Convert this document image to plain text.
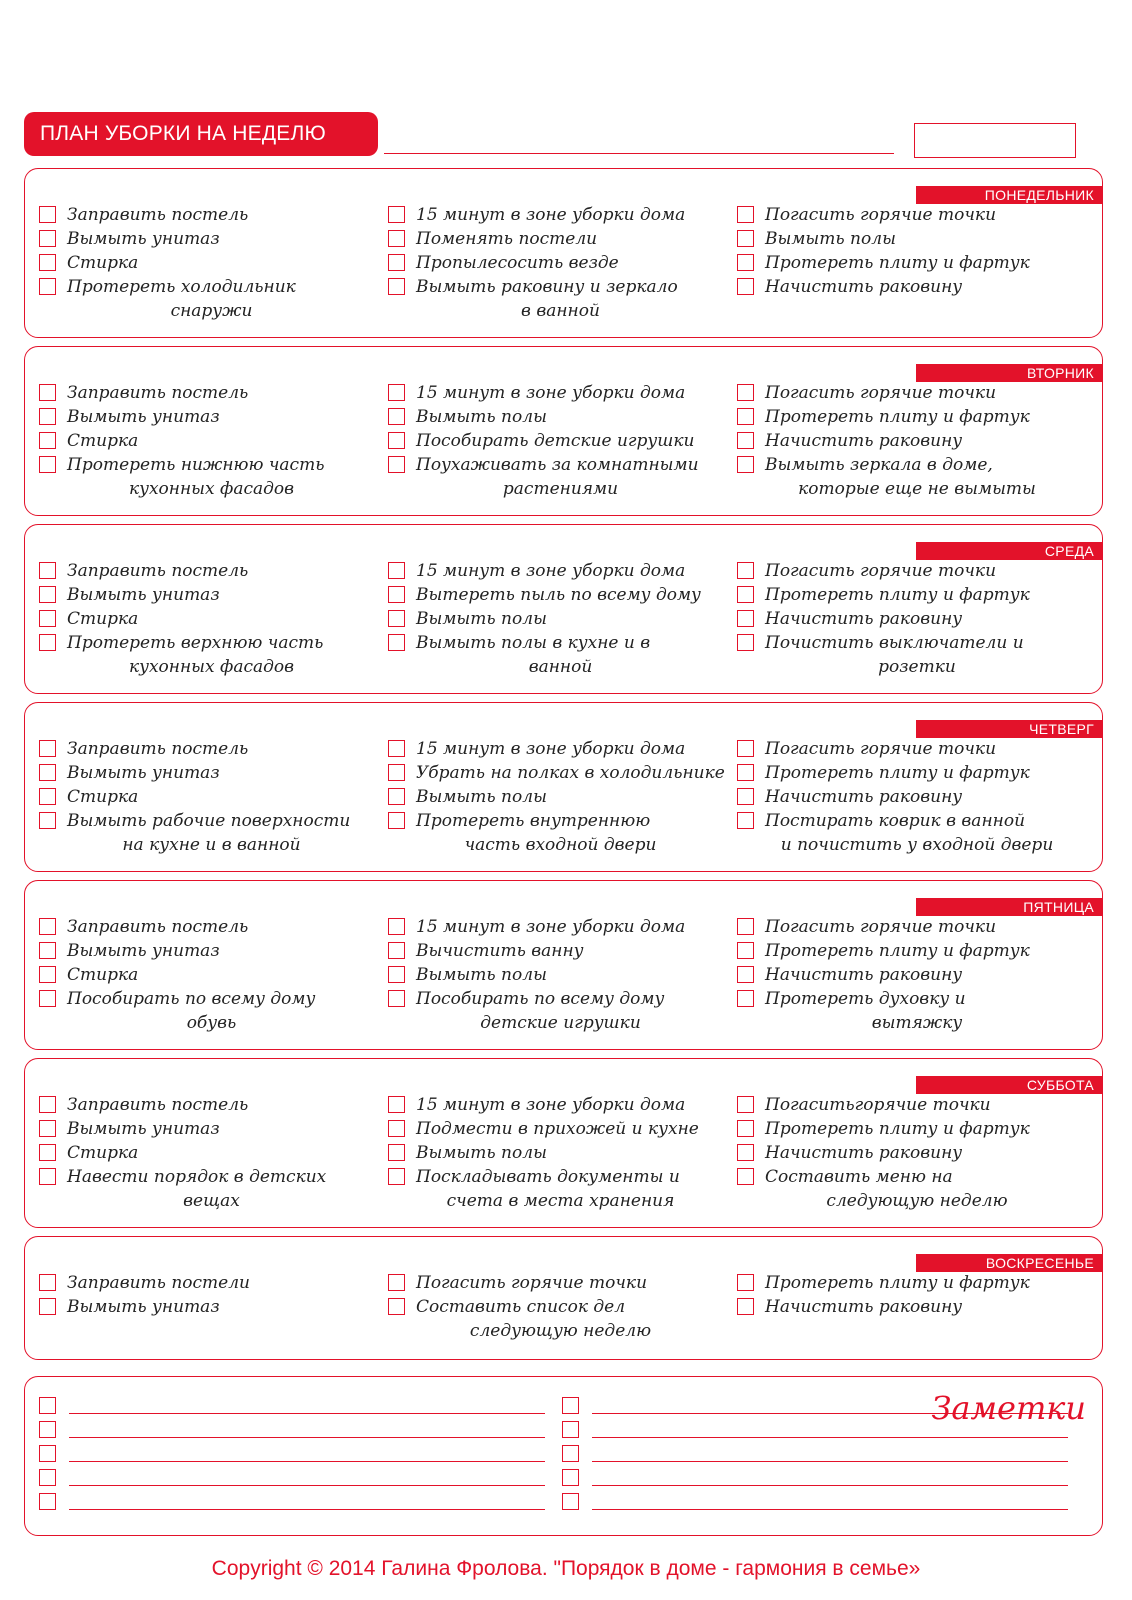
ПЛАН УБОРКИ НА НЕДЕЛЮ
ПОНЕДЕЛЬНИК
Заправить постель
Вымыть унитаз
Стирка
Протереть холодильник
снаружи
15 минут в зоне уборки дома
Поменять постели
Пропылесосить везде
Вымыть раковину и зеркало
в ванной
Погасить горячие точки
Вымыть полы
Протереть плиту и фартук
Начистить раковину
ВТОРНИК
Заправить постель
Вымыть унитаз
Стирка
Протереть нижнюю часть
кухонных фасадов
15 минут в зоне уборки дома
Вымыть полы
Пособирать детские игрушки
Поухаживать за комнатными
растениями
Погасить горячие точки
Протереть плиту и фартук
Начистить раковину
Вымыть зеркала в доме,
которые еще не вымыты
СРЕДА
Заправить постель
Вымыть унитаз
Стирка
Протереть верхнюю часть
кухонных фасадов
15 минут в зоне уборки дома
Вытереть пыль по всему дому
Вымыть полы
Вымыть полы в кухне и в
ванной
Погасить горячие точки
Протереть плиту и фартук
Начистить раковину
Почистить выключатели и
розетки
ЧЕТВЕРГ
Заправить постель
Вымыть унитаз
Стирка
Вымыть рабочие поверхности
на кухне и в ванной
15 минут в зоне уборки дома
Убрать на полках в холодильнике
Вымыть полы
Протереть внутреннюю
часть входной двери
Погасить горячие точки
Протереть плиту и фартук
Начистить раковину
Постирать коврик в ванной
и почистить у входной двери
ПЯТНИЦА
Заправить постель
Вымыть унитаз
Стирка
Пособирать по всему дому
обувь
15 минут в зоне уборки дома
Вычистить ванну
Вымыть полы
Пособирать по всему дому
детские игрушки
Погасить горячие точки
Протереть плиту и фартук
Начистить раковину
Протереть духовку и
вытяжку
СУББОТА
Заправить постель
Вымыть унитаз
Стирка
Навести порядок в детских
вещах
15 минут в зоне уборки дома
Подмести в прихожей и кухне
Вымыть полы
Поскладывать документы и
счета в места хранения
Погаситьгорячие точки
Протереть плиту и фартук
Начистить раковину
Составить меню на
следующую неделю
ВОСКРЕСЕНЬЕ
Заправить постели
Вымыть унитаз
Погасить горячие точки
Составить список дел
следующую неделю
Протереть плиту и фартук
Начистить раковину
Заметки
Copyright © 2014 Галина Фролова. "Порядок в доме - гармония в семье»
